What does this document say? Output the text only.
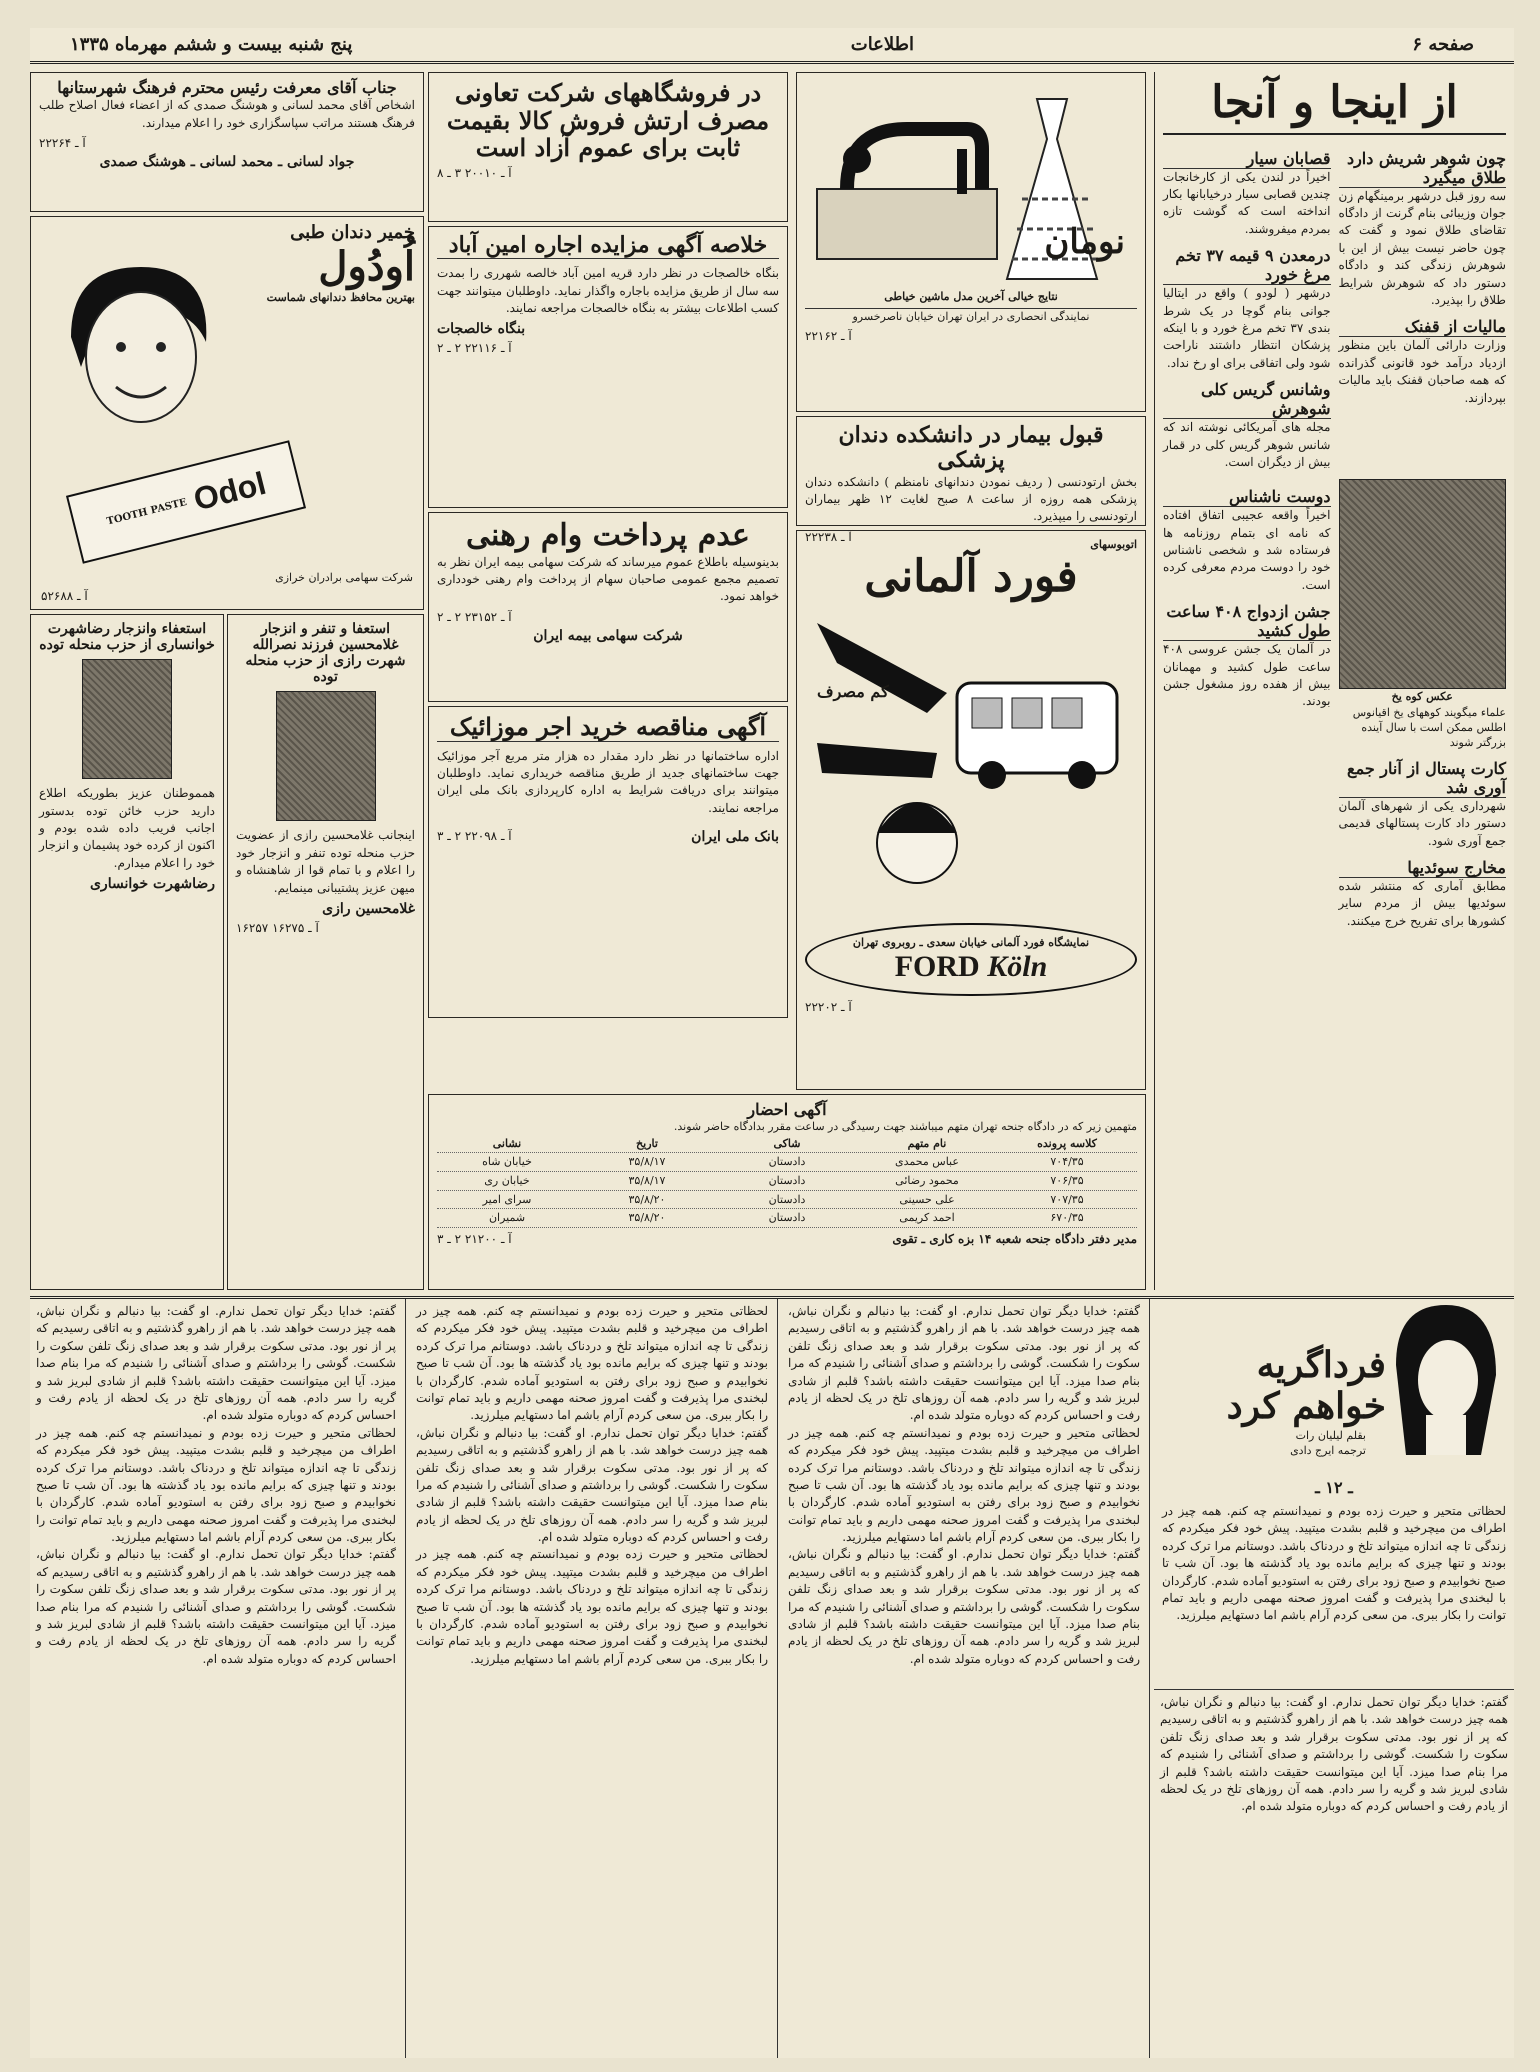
صفحه ۶
اطلاعات
پنج شنبه بیست و ششم مهرماه ۱۳۳۵
از اینجا و آنجا
چون شوهر شریش دارد طلاق میگیرد
سه روز قبل درشهر برمینگهام زن جوان وزیبائی بنام گرنت از دادگاه تقاضای طلاق نمود و گفت که چون حاضر نیست بیش از این با شوهرش زندگی کند و دادگاه دستور داد که شوهرش شرایط طلاق را بپذیرد.
مالیات از قفنک
وزارت دارائی آلمان باین منظور ازدیاد درآمد خود قانونی گذرانده که همه صاحبان قفنک باید مالیات بپردازند.
قصابان سیار
اخیراً در لندن یکی از کارخانجات چندین قصابی سیار درخیابانها بکار انداخته است که گوشت تازه بمردم میفروشند.
درمعدن ۹ قیمه ۳۷ تخم مرغ خورد
درشهر ( لودو ) واقع در ایتالیا جوانی بنام گوچا در یک شرط بندی ۳۷ تخم مرغ خورد و با اینکه پزشکان انتظار داشتند ناراحت شود ولی اتفاقی برای او رخ نداد.
وشانس گریس کلی شوهرش
مجله های آمریکائی نوشته اند که شانس شوهر گریس کلی در قمار بیش از دیگران است.
عکس کوه یخ
علماء میگویند کوههای یخ اقیانوس اطلس ممکن است با سال آینده بزرگتر شوند
کارت پستال از آنار جمع آوری شد
شهرداری یکی از شهرهای آلمان دستور داد کارت پستالهای قدیمی جمع آوری شود.
مخارج سوئدیها
مطابق آماری که منتشر شده سوئدیها بیش از مردم سایر کشورها برای تفریح خرج میکنند.
دوست ناشناس
اخیراً واقعه عجیبی اتفاق افتاده که نامه ای بتمام روزنامه ها فرستاده شد و شخصی ناشناس خود را دوست مردم معرفی کرده است.
جشن ازدواج ۴۰۸ ساعت طول کشید
در آلمان یک جشن عروسی ۴۰۸ ساعت طول کشید و مهمانان بیش از هفده روز مشغول جشن بودند.
نومان
نتایج خیالی آخرین مدل ماشین خیاطی
نمایندگی انحصاری در ایران تهران خیابان ناصرخسرو
آ ـ ۲۲۱۶۲
قبول بیمار در دانشکده دندان پزشکی
بخش ارتودنسی ( ردیف نمودن دندانهای نامنظم ) دانشکده دندان پزشکی همه روزه از ساعت ۸ صبح لغایت ۱۲ ظهر بیماران ارتودنسی را میپذیرد.
آ ـ ۲۲۲۳۸
اتوبوسهای
فورد آلمانی
کم مصرف
نمایشگاه فورد آلمانی خیابان سعدی ـ روبروی تهران
FORD Köln
آ ـ ۲۲۲۰۲
در فروشگاههای شرکت تعاونی مصرف ارتش فروش کالا بقیمت ثابت برای عموم آزاد است
آ ـ ۲۰۰۱۰ ۳ ـ ۸
خلاصه آگهی مزایده اجاره امین آباد
بنگاه خالصجات در نظر دارد قریه امین آباد خالصه شهرری را بمدت سه سال از طریق مزایده باجاره واگذار نماید. داوطلبان میتوانند جهت کسب اطلاعات بیشتر به بنگاه خالصجات مراجعه نمایند.
بنگاه خالصجات
آ ـ ۲۲۱۱۶ ۲ ـ ۲
عدم پرداخت وام رهنی
بدینوسیله باطلاع عموم میرساند که شرکت سهامی بیمه ایران نظر به تصمیم مجمع عمومی صاحبان سهام از پرداخت وام رهنی خودداری خواهد نمود.
آ ـ ۲۳۱۵۲ ۲ ـ ۲
شرکت سهامی بیمه ایران
آگهی مناقصه خرید اجر موزائیک
اداره ساختمانها در نظر دارد مقدار ده هزار متر مربع آجر موزائیک جهت ساختمانهای جدید از طریق مناقصه خریداری نماید. داوطلبان میتوانند برای دریافت شرایط به اداره کارپردازی بانک ملی ایران مراجعه نمایند.
بانک ملی ایران
آ ـ ۲۲۰۹۸ ۲ ـ ۳
آگهی احضار
متهمین زیر که در دادگاه جنحه تهران متهم میباشند جهت رسیدگی در ساعت مقرر بدادگاه حاضر شوند.
کلاسه پرونده
نام متهم
شاکی
تاریخ
نشانی
۷۰۴/۳۵
عباس محمدی
دادستان
۳۵/۸/۱۷
خیابان شاه
۷۰۶/۳۵
محمود رضائی
دادستان
۳۵/۸/۱۷
خیابان ری
۷۰۷/۳۵
علی حسینی
دادستان
۳۵/۸/۲۰
سرای امیر
۶۷۰/۳۵
احمد کریمی
دادستان
۳۵/۸/۲۰
شمیران
مدیر دفتر دادگاه جنحه شعبه ۱۴ بزه کاری ـ تقوی
آ ـ ۲۱۲۰۰ ۲ ـ ۳
جناب آقای معرفت رئیس محترم فرهنگ شهرستانها
اشخاص آقای محمد لسانی و هوشنگ صمدی که از اعضاء فعال اصلاح طلب فرهنگ هستند مراتب سپاسگزاری خود را اعلام میدارند.
آ ـ ۲۲۲۶۴
جواد لسانی ـ محمد لسانی ـ هوشنگ صمدی
خمیر دندان طبی
اُودُول
بهترین محافظ دندانهای شماست
TOOTH PASTE Odol
شرکت سهامی برادران خرازی
آ ـ ۵۲۶۸۸
استعفا و تنفر و انزجار غلامحسین فرزند نصرالله شهرت رازی از حزب منحله توده
اینجانب غلامحسین رازی از عضویت حزب منحله توده تنفر و انزجار خود را اعلام و با تمام قوا از شاهنشاه و میهن عزیز پشتیبانی مینمایم.
غلامحسین رازی
آ ـ ۱۶۲۷۵ ۱۶۲۵۷
استعفاء وانزجار رضاشهرت خوانساری از حزب منحله توده
همموطنان عزیز بطوریکه اطلاع دارید حزب خائن توده بدستور اجانب فریب داده شده بودم و اکنون از کرده خود پشیمان و انزجار خود را اعلام میدارم.
رضاشهرت خوانساری
فرداگریه خواهم کرد
بقلم لیلیان رات
ترجمه ایرج دادی
ـ ۱۲ ـ
لحظاتی متحیر و حیرت زده بودم و نمیدانستم چه کنم. همه چیز در اطراف من میچرخید و قلبم بشدت میتپید. پیش خود فکر میکردم که زندگی تا چه اندازه میتواند تلخ و دردناک باشد. دوستانم مرا ترک کرده بودند و تنها چیزی که برایم مانده بود یاد گذشته ها بود. آن شب تا صبح نخوابیدم و صبح زود برای رفتن به استودیو آماده شدم. کارگردان با لبخندی مرا پذیرفت و گفت امروز صحنه مهمی داریم و باید تمام توانت را بکار ببری. من سعی کردم آرام باشم اما دستهایم میلرزید.
گفتم: خدایا دیگر توان تحمل ندارم. او گفت: بیا دنبالم و نگران نباش، همه چیز درست خواهد شد. با هم از راهرو گذشتیم و به اتاقی رسیدیم که پر از نور بود. مدتی سکوت برقرار شد و بعد صدای زنگ تلفن سکوت را شکست. گوشی را برداشتم و صدای آشنائی را شنیدم که مرا بنام صدا میزد. آیا این میتوانست حقیقت داشته باشد؟ قلبم از شادی لبریز شد و گریه را سر دادم. همه آن روزهای تلخ در یک لحظه از یادم رفت و احساس کردم که دوباره متولد شده ام.
گفتم: خدایا دیگر توان تحمل ندارم. او گفت: بیا دنبالم و نگران نباش، همه چیز درست خواهد شد. با هم از راهرو گذشتیم و به اتاقی رسیدیم که پر از نور بود. مدتی سکوت برقرار شد و بعد صدای زنگ تلفن سکوت را شکست. گوشی را برداشتم و صدای آشنائی را شنیدم که مرا بنام صدا میزد. آیا این میتوانست حقیقت داشته باشد؟ قلبم از شادی لبریز شد و گریه را سر دادم. همه آن روزهای تلخ در یک لحظه از یادم رفت و احساس کردم که دوباره متولد شده ام.
لحظاتی متحیر و حیرت زده بودم و نمیدانستم چه کنم. همه چیز در اطراف من میچرخید و قلبم بشدت میتپید. پیش خود فکر میکردم که زندگی تا چه اندازه میتواند تلخ و دردناک باشد. دوستانم مرا ترک کرده بودند و تنها چیزی که برایم مانده بود یاد گذشته ها بود. آن شب تا صبح نخوابیدم و صبح زود برای رفتن به استودیو آماده شدم. کارگردان با لبخندی مرا پذیرفت و گفت امروز صحنه مهمی داریم و باید تمام توانت را بکار ببری. من سعی کردم آرام باشم اما دستهایم میلرزید.
گفتم: خدایا دیگر توان تحمل ندارم. او گفت: بیا دنبالم و نگران نباش، همه چیز درست خواهد شد. با هم از راهرو گذشتیم و به اتاقی رسیدیم که پر از نور بود. مدتی سکوت برقرار شد و بعد صدای زنگ تلفن سکوت را شکست. گوشی را برداشتم و صدای آشنائی را شنیدم که مرا بنام صدا میزد. آیا این میتوانست حقیقت داشته باشد؟ قلبم از شادی لبریز شد و گریه را سر دادم. همه آن روزهای تلخ در یک لحظه از یادم رفت و احساس کردم که دوباره متولد شده ام.
لحظاتی متحیر و حیرت زده بودم و نمیدانستم چه کنم. همه چیز در اطراف من میچرخید و قلبم بشدت میتپید. پیش خود فکر میکردم که زندگی تا چه اندازه میتواند تلخ و دردناک باشد. دوستانم مرا ترک کرده بودند و تنها چیزی که برایم مانده بود یاد گذشته ها بود. آن شب تا صبح نخوابیدم و صبح زود برای رفتن به استودیو آماده شدم. کارگردان با لبخندی مرا پذیرفت و گفت امروز صحنه مهمی داریم و باید تمام توانت را بکار ببری. من سعی کردم آرام باشم اما دستهایم میلرزید.
گفتم: خدایا دیگر توان تحمل ندارم. او گفت: بیا دنبالم و نگران نباش، همه چیز درست خواهد شد. با هم از راهرو گذشتیم و به اتاقی رسیدیم که پر از نور بود. مدتی سکوت برقرار شد و بعد صدای زنگ تلفن سکوت را شکست. گوشی را برداشتم و صدای آشنائی را شنیدم که مرا بنام صدا میزد. آیا این میتوانست حقیقت داشته باشد؟ قلبم از شادی لبریز شد و گریه را سر دادم. همه آن روزهای تلخ در یک لحظه از یادم رفت و احساس کردم که دوباره متولد شده ام.
لحظاتی متحیر و حیرت زده بودم و نمیدانستم چه کنم. همه چیز در اطراف من میچرخید و قلبم بشدت میتپید. پیش خود فکر میکردم که زندگی تا چه اندازه میتواند تلخ و دردناک باشد. دوستانم مرا ترک کرده بودند و تنها چیزی که برایم مانده بود یاد گذشته ها بود. آن شب تا صبح نخوابیدم و صبح زود برای رفتن به استودیو آماده شدم. کارگردان با لبخندی مرا پذیرفت و گفت امروز صحنه مهمی داریم و باید تمام توانت را بکار ببری. من سعی کردم آرام باشم اما دستهایم میلرزید.
گفتم: خدایا دیگر توان تحمل ندارم. او گفت: بیا دنبالم و نگران نباش، همه چیز درست خواهد شد. با هم از راهرو گذشتیم و به اتاقی رسیدیم که پر از نور بود. مدتی سکوت برقرار شد و بعد صدای زنگ تلفن سکوت را شکست. گوشی را برداشتم و صدای آشنائی را شنیدم که مرا بنام صدا میزد. آیا این میتوانست حقیقت داشته باشد؟ قلبم از شادی لبریز شد و گریه را سر دادم. همه آن روزهای تلخ در یک لحظه از یادم رفت و احساس کردم که دوباره متولد شده ام.
لحظاتی متحیر و حیرت زده بودم و نمیدانستم چه کنم. همه چیز در اطراف من میچرخید و قلبم بشدت میتپید. پیش خود فکر میکردم که زندگی تا چه اندازه میتواند تلخ و دردناک باشد. دوستانم مرا ترک کرده بودند و تنها چیزی که برایم مانده بود یاد گذشته ها بود. آن شب تا صبح نخوابیدم و صبح زود برای رفتن به استودیو آماده شدم. کارگردان با لبخندی مرا پذیرفت و گفت امروز صحنه مهمی داریم و باید تمام توانت را بکار ببری. من سعی کردم آرام باشم اما دستهایم میلرزید.
گفتم: خدایا دیگر توان تحمل ندارم. او گفت: بیا دنبالم و نگران نباش، همه چیز درست خواهد شد. با هم از راهرو گذشتیم و به اتاقی رسیدیم که پر از نور بود. مدتی سکوت برقرار شد و بعد صدای زنگ تلفن سکوت را شکست. گوشی را برداشتم و صدای آشنائی را شنیدم که مرا بنام صدا میزد. آیا این میتوانست حقیقت داشته باشد؟ قلبم از شادی لبریز شد و گریه را سر دادم. همه آن روزهای تلخ در یک لحظه از یادم رفت و احساس کردم که دوباره متولد شده ام.
